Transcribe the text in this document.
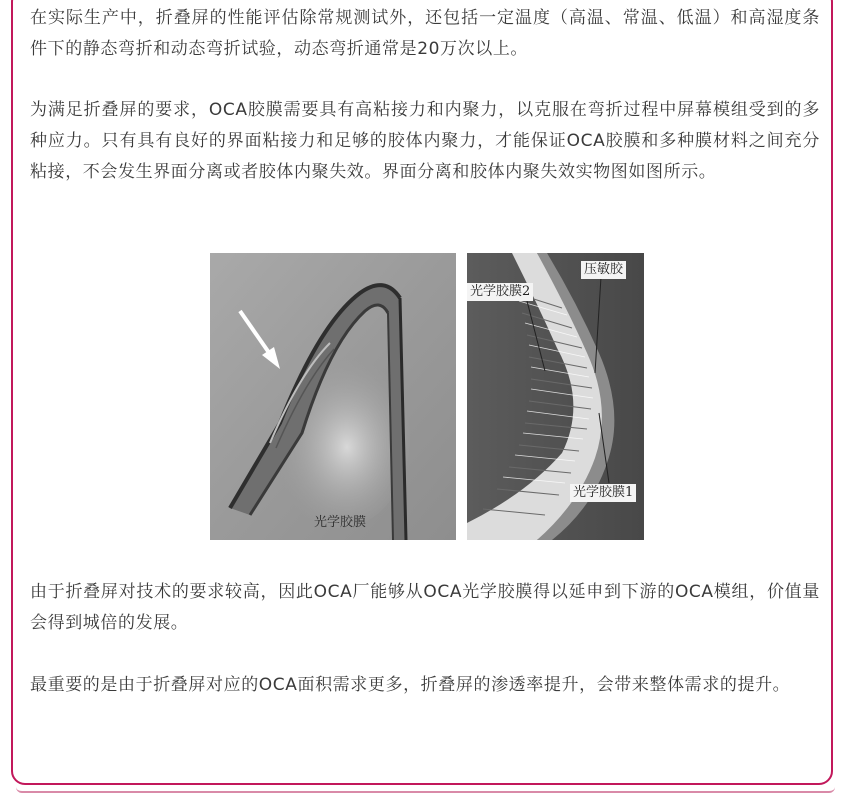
在实际生产中，折叠屏的性能评估除常规测试外，还包括一定温度（高温、常温、低温）和高湿度条件下的静态弯折和动态弯折试验，动态弯折通常是20万次以上。

为满足折叠屏的要求，OCA胶膜需要具有高粘接力和内聚力，以克服在弯折过程中屏幕模组受到的多种应力。只有具有良好的界面粘接力和足够的胶体内聚力，才能保证OCA胶膜和多种膜材料之间充分粘接，不会发生界面分离或者胶体内聚失效。界面分离和胶体内聚失效实物图如图所示。

光学胶膜
压敏胶
光学胶膜2
光学胶膜1

由于折叠屏对技术的要求较高，因此OCA厂能够从OCA光学胶膜得以延申到下游的OCA模组，价值量会得到城倍的发展。

最重要的是由于折叠屏对应的OCA面积需求更多，折叠屏的渗透率提升，会带来整体需求的提升。
